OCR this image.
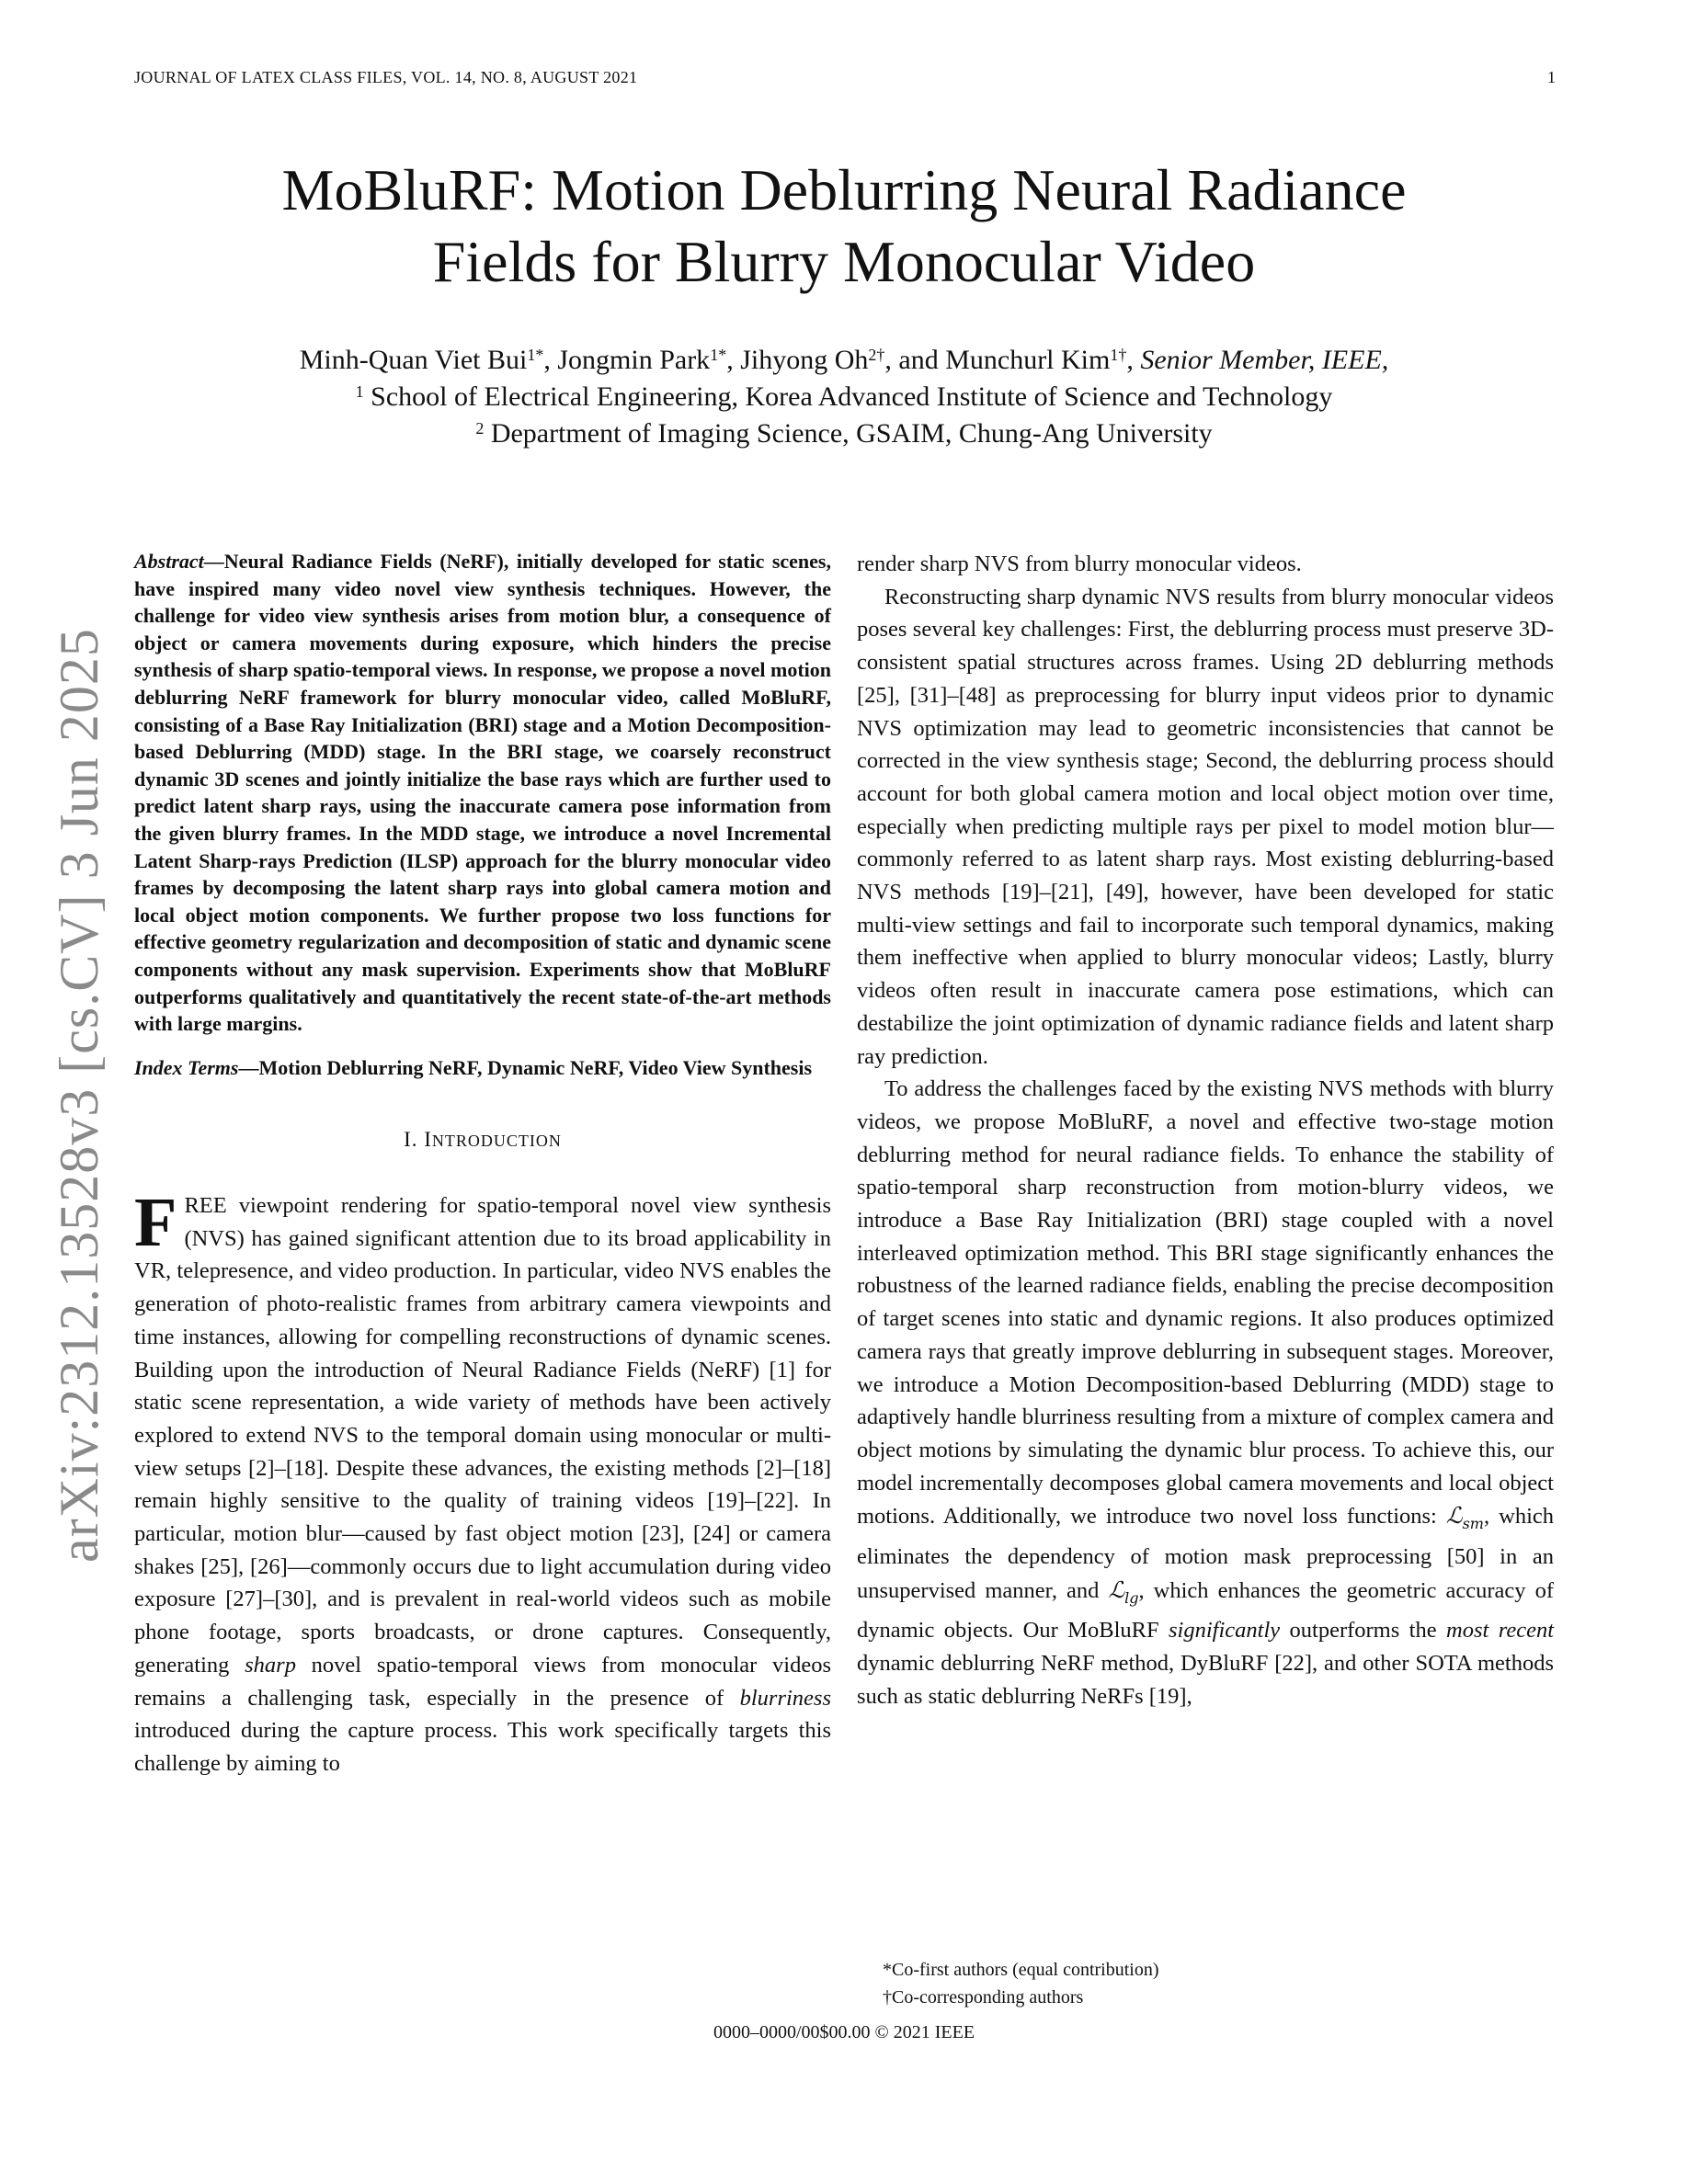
JOURNAL OF LATEX CLASS FILES, VOL. 14, NO. 8, AUGUST 2021	1
MoBluRF: Motion Deblurring Neural Radiance
Fields for Blurry Monocular Video
Minh-Quan Viet Bui$^{1*}$, Jongmin Park$^{1*}$, Jihyong $Oh^{2\dagger}$, and Munchurl Kim$^{1\dagger}$, Senior Member, IEEE,
$^1$ School of Electrical Engineering, Korea Advanced Institute of Science and Technology
$^2$ Department of Imaging Science, GSAIM, Chung-Ang University
arXiv:2312.13528v3 [cs.CV] 3 Jun 2025
Abstract—Neural Radiance Fields (NeRF), initially developed for static scenes, have inspired many video novel view synthesis techniques. However, the challenge for video view synthesis arises from motion blur, a consequence of object or camera movements during exposure, which hinders the precise synthesis of sharp spatio-temporal views. In response, we propose a novel motion deblurring NeRF framework for blurry monocular video, called MoBluRF, consisting of a Base Ray Initialization (BRI) stage and a Motion Decomposition-based Deblurring (MDD) stage. In the BRI stage, we coarsely reconstruct dynamic 3D scenes and jointly initialize the base rays which are further used to predict latent sharp rays, using the inaccurate camera pose information from the given blurry frames. In the MDD stage, we introduce a novel Incremental Latent Sharp-rays Prediction (ILSP) approach for the blurry monocular video frames by decomposing the latent sharp rays into global camera motion and local object motion components. We further propose two loss functions for effective geometry regularization and decomposition of static and dynamic scene components without any mask supervision. Experiments show that MoBluRF outperforms qualitatively and quantitatively the recent state-of-the-art methods with large margins.
Index Terms—Motion Deblurring NeRF, Dynamic NeRF, Video View Synthesis
I. INTRODUCTION

FREE viewpoint rendering for spatio-temporal novel view synthesis (NVS) has gained significant attention due to its broad applicability in VR, telepresence, and video production. In particular, video NVS enables the generation of photo-realistic frames from arbitrary camera viewpoints and time instances, allowing for compelling reconstructions of dynamic scenes. Building upon the introduction of Neural Radiance Fields (NeRF) [1] for static scene representation, a wide variety of methods have been actively explored to extend NVS to the temporal domain using monocular or multi-view setups [2]–[18]. Despite these advances, the existing methods [2]–[18] remain highly sensitive to the quality of training videos [19]–[22]. In particular, motion blur—caused by fast object motion [23], [24] or camera shakes [25], [26]—commonly occurs due to light accumulation during video exposure [27]–[30], and is prevalent in real-world videos such as mobile phone footage, sports broadcasts, or drone captures. Consequently, generating sharp novel spatio-temporal views from monocular videos remains a challenging task, especially in the presence of blurriness introduced during the capture process. This work specifically targets this challenge by aiming to

render sharp NVS from blurry monocular videos.

Reconstructing sharp dynamic NVS results from blurry monocular videos poses several key challenges: First, the deblurring process must preserve 3D-consistent spatial structures across frames. Using 2D deblurring methods [25], [31]–[48] as preprocessing for blurry input videos prior to dynamic NVS optimization may lead to geometric inconsistencies that cannot be corrected in the view synthesis stage; Second, the deblurring process should account for both global camera motion and local object motion over time, especially when predicting multiple rays per pixel to model motion blur—commonly referred to as latent sharp rays. Most existing deblurring-based NVS methods [19]–[21], [49], however, have been developed for static multi-view settings and fail to incorporate such temporal dynamics, making them ineffective when applied to blurry monocular videos; Lastly, blurry videos often result in inaccurate camera pose estimations, which can destabilize the joint optimization of dynamic radiance fields and latent sharp ray prediction.

To address the challenges faced by the existing NVS methods with blurry videos, we propose MoBluRF, a novel and effective two-stage motion deblurring method for neural radiance fields. To enhance the stability of spatio-temporal sharp reconstruction from motion-blurry videos, we introduce a Base Ray Initialization (BRI) stage coupled with a novel interleaved optimization method. This BRI stage significantly enhances the robustness of the learned radiance fields, enabling the precise decomposition of target scenes into static and dynamic regions. It also produces optimized camera rays that greatly improve deblurring in subsequent stages. Moreover, we introduce a Motion Decomposition-based Deblurring (MDD) stage to adaptively handle blurriness resulting from a mixture of complex camera and object motions by simulating the dynamic blur process. To achieve this, our model incrementally decomposes global camera movements and local object motions. Additionally, we introduce two novel loss functions: ℒ$_{sm}$, which eliminates the dependency of motion mask preprocessing [50] in an unsupervised manner, and ℒ$_{lg}$, which enhances the geometric accuracy of dynamic objects. Our MoBluRF significantly outperforms the most recent dynamic deblurring NeRF method, DyBluRF [22], and other SOTA methods such as static deblurring NeRFs [19],

*Co-first authors (equal contribution)
†Co-corresponding authors
0000–0000/00$00.00 © 2021 IEEE
